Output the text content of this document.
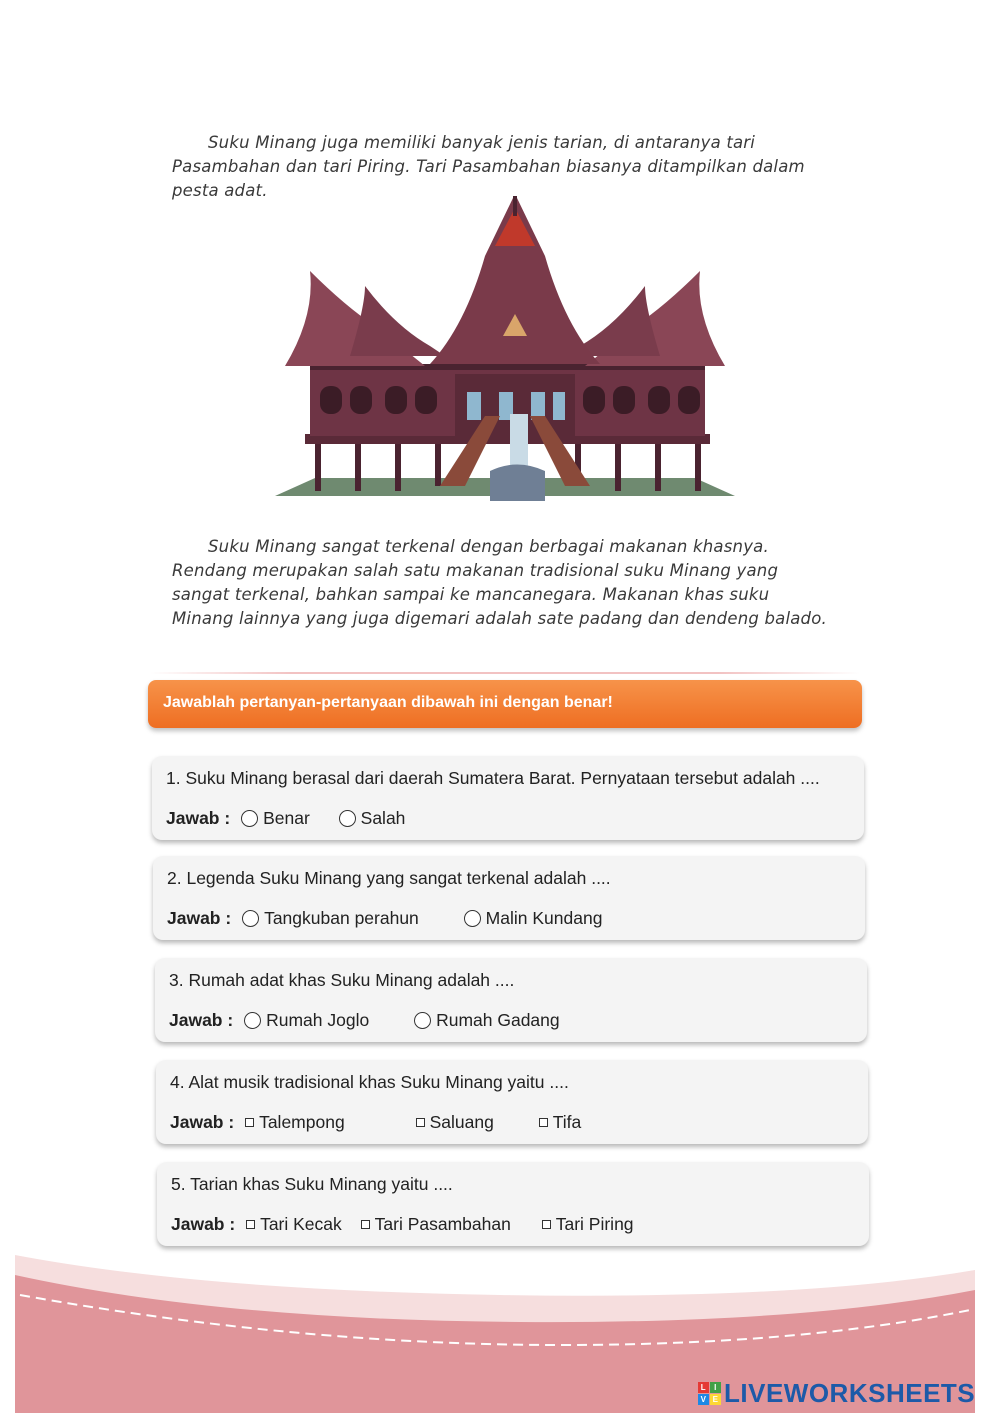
Suku Minang juga memiliki banyak jenis tarian, di antaranya tari Pasambahan dan tari Piring. Tari Pasambahan biasanya ditampilkan dalam pesta adat.
Suku Minang sangat terkenal dengan berbagai makanan khasnya. Rendang merupakan salah satu makanan tradisional suku Minang yang sangat terkenal, bahkan sampai ke mancanegara. Makanan khas suku Minang lainnya yang juga digemari adalah sate padang dan dendeng balado.
Jawablah pertanyan-pertanyaan dibawah ini dengan benar!
1. Suku Minang berasal dari daerah Sumatera Barat. Pernyataan tersebut adalah ....
Jawab : Benar	Salah
2. Legenda Suku Minang yang sangat terkenal adalah ....
Jawab : Tangkuban perahun	Malin Kundang
3. Rumah adat khas Suku Minang adalah ....
Jawab : Rumah Joglo	Rumah Gadang
4. Alat musik tradisional khas Suku Minang yaitu ....
Jawab : Talempong	Saluang	Tifa
5. Tarian khas Suku Minang yaitu ....
Jawab : Tari Kecak Tari Pasambahan	Tari Piring
L I
V E LIVEWORKSHEETS
